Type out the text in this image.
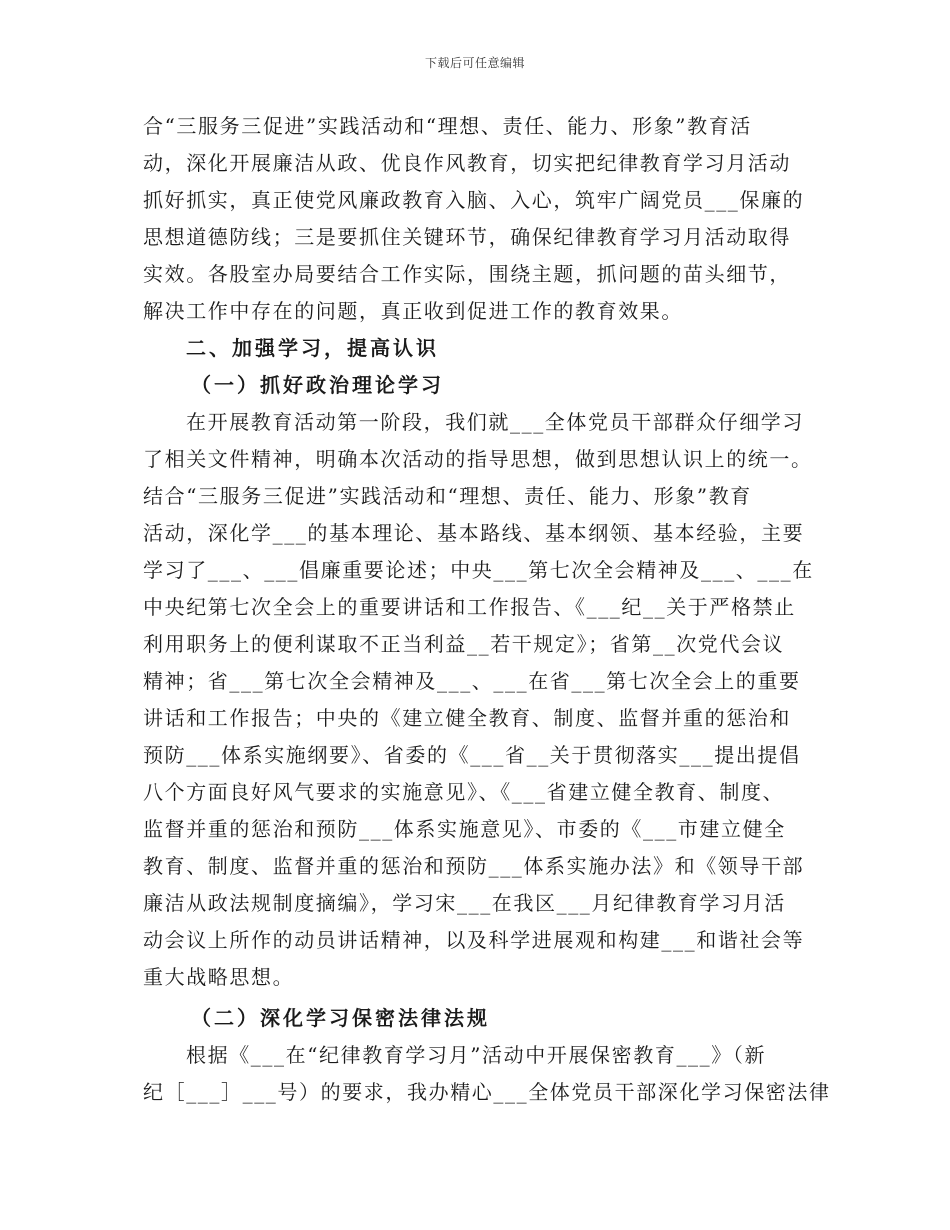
下载后可任意编辑
合“三服务三促进”实践活动和“理想、责任、能力、形象”教育活
动，深化开展廉洁从政、优良作风教育，切实把纪律教育学习月活动
抓好抓实，真正使党风廉政教育入脑、入心，筑牢广阔党员___保廉的
思想道德防线；三是要抓住关键环节，确保纪律教育学习月活动取得
实效。各股室办局要结合工作实际，围绕主题，抓问题的苗头细节，
解决工作中存在的问题，真正收到促进工作的教育效果。
二、加强学习，提高认识
（一）抓好政治理论学习
在开展教育活动第一阶段，我们就___全体党员干部群众仔细学习
了相关文件精神，明确本次活动的指导思想，做到思想认识上的统一。
结合“三服务三促进”实践活动和“理想、责任、能力、形象”教育
活动，深化学___的基本理论、基本路线、基本纲领、基本经验，主要
学习了___、___倡廉重要论述；中央___第七次全会精神及___、___在
中央纪第七次全会上的重要讲话和工作报告、《___纪__关于严格禁止
利用职务上的便利谋取不正当利益__若干规定》；省第__次党代会议
精神；省___第七次全会精神及___、___在省___第七次全会上的重要
讲话和工作报告；中央的《建立健全教育、制度、监督并重的惩治和
预防___体系实施纲要》、省委的《___省__关于贯彻落实___提出提倡
八个方面良好风气要求的实施意见》、《___省建立健全教育、制度、
监督并重的惩治和预防___体系实施意见》、市委的《___市建立健全
教育、制度、监督并重的惩治和预防___体系实施办法》和《领导干部
廉洁从政法规制度摘编》，学习宋___在我区___月纪律教育学习月活
动会议上所作的动员讲话精神，以及科学进展观和构建___和谐社会等
重大战略思想。
（二）深化学习保密法律法规
根据《___在“纪律教育学习月”活动中开展保密教育___》（新
纪［___］___号）的要求，我办精心___全体党员干部深化学习保密法律
